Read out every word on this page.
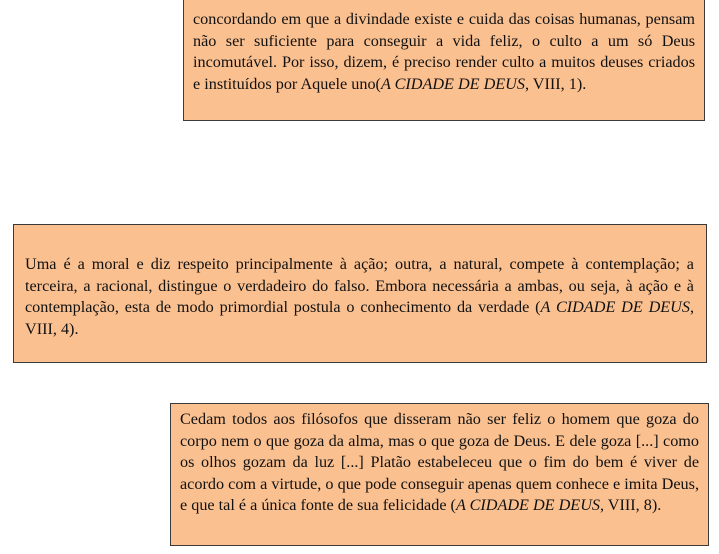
concordando em que a divindade existe e cuida das coisas humanas, pensam não ser suficiente para conseguir a vida feliz, o culto a um só Deus incomutável. Por isso, dizem, é preciso render culto a muitos deuses criados e instituídos por Aquele uno(A CIDADE DE DEUS, VIII, 1).

Uma é a moral e diz respeito principalmente à ação; outra, a natural, compete à contemplação; a terceira, a racional, distingue o verdadeiro do falso. Embora necessária a ambas, ou seja, à ação e à contemplação, esta de modo primordial postula o conhecimento da verdade (A CIDADE DE DEUS, VIII, 4).

Cedam todos aos filósofos que disseram não ser feliz o homem que goza do corpo nem o que goza da alma, mas o que goza de Deus. E dele goza [...] como os olhos gozam da luz [...] Platão estabeleceu que o fim do bem é viver de acordo com a virtude, o que pode conseguir apenas quem conhece e imita Deus, e que tal é a única fonte de sua felicidade (A CIDADE DE DEUS, VIII, 8).
